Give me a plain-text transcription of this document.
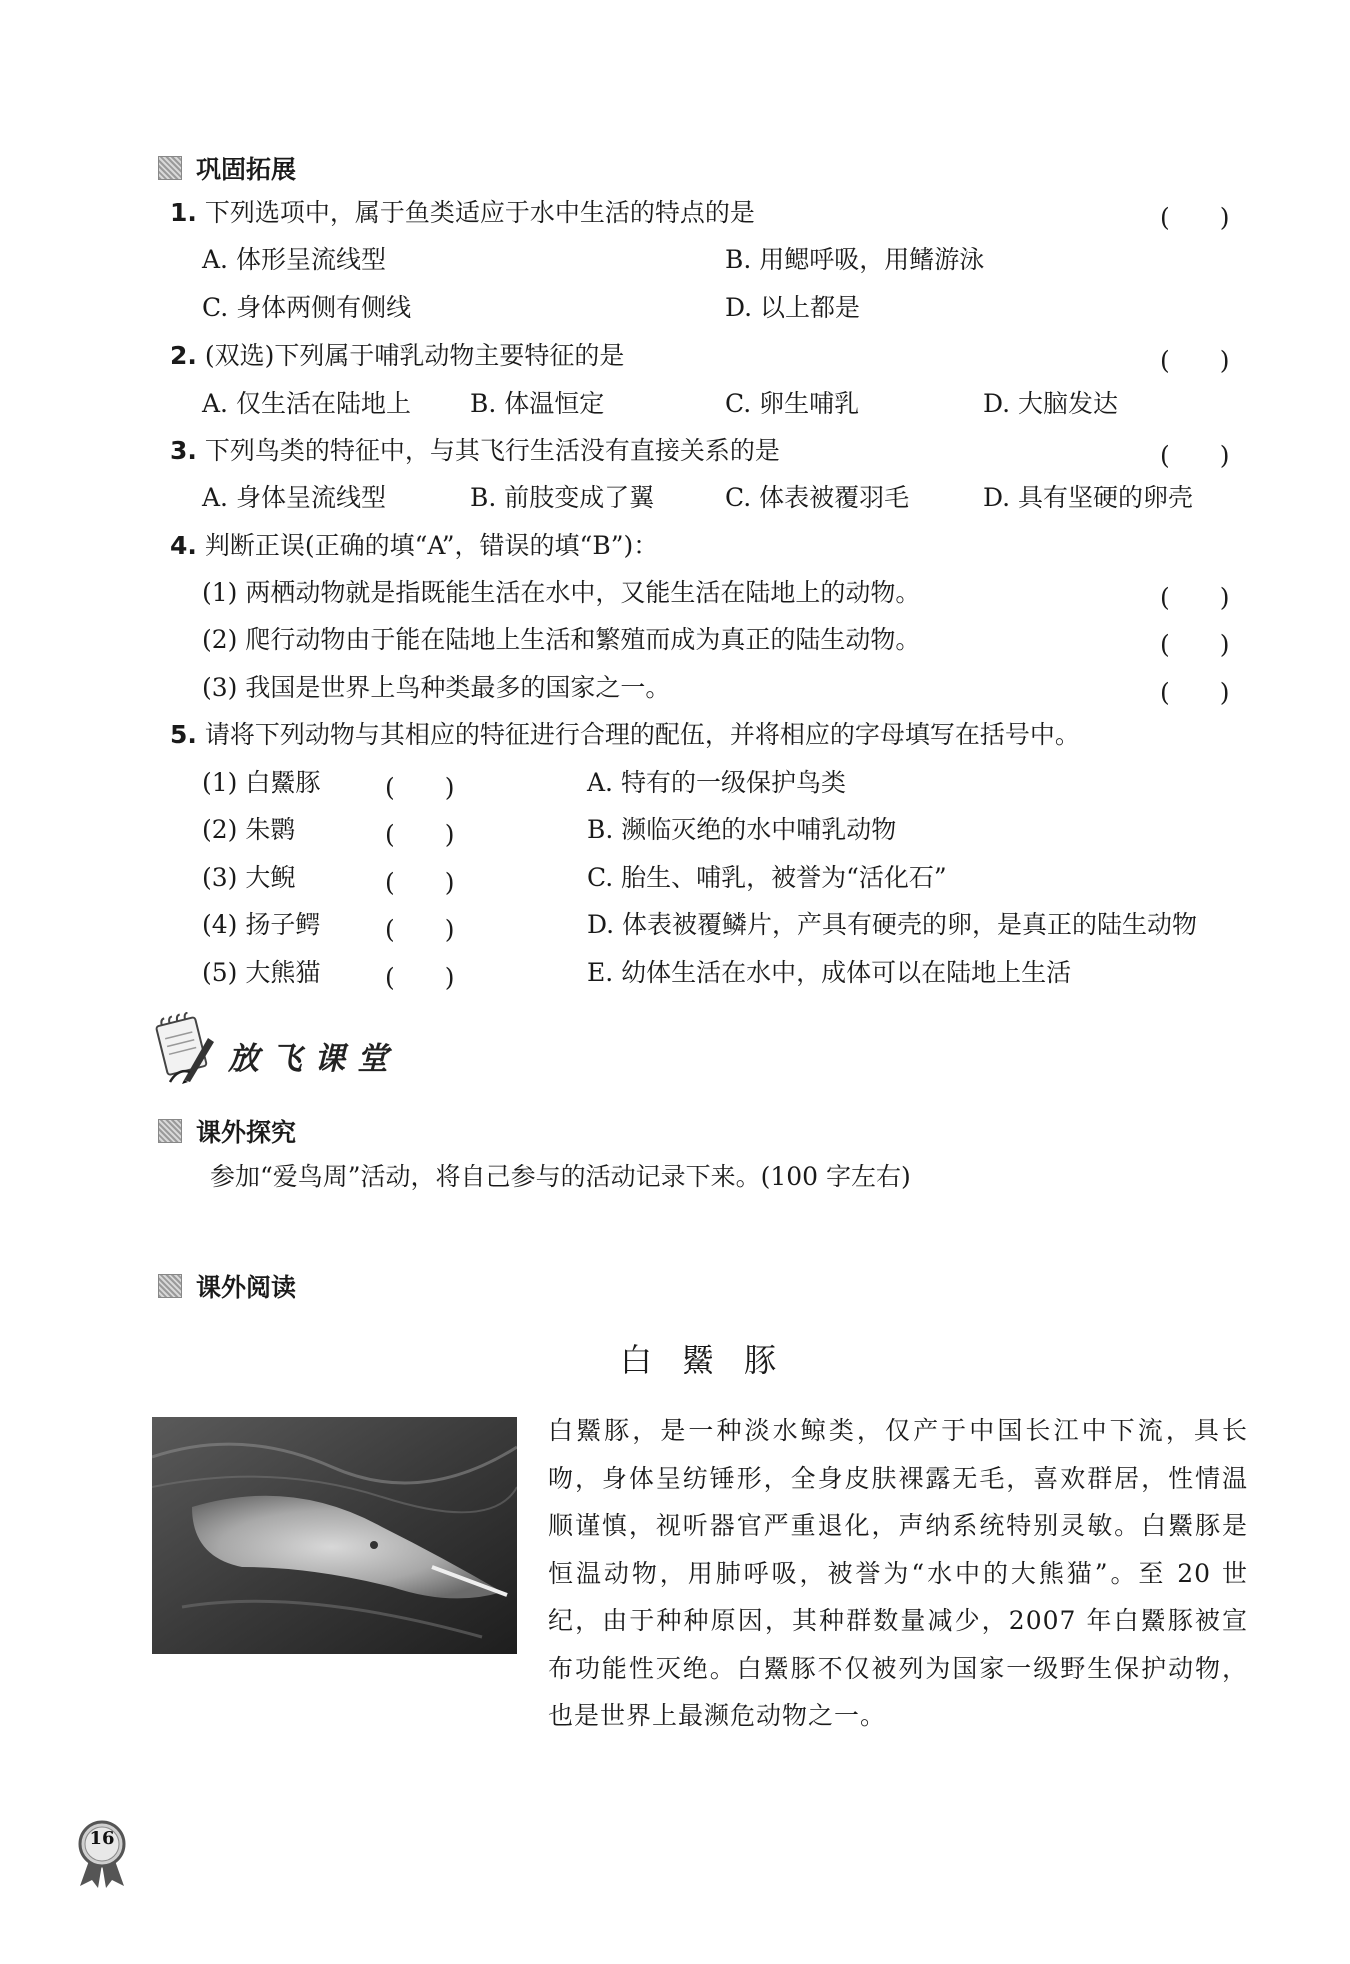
巩固拓展
1. 下列选项中，属于鱼类适应于水中生活的特点的是	(　　)
A. 体形呈流线型	B. 用鳃呼吸，用鳍游泳
C. 身体两侧有侧线	D. 以上都是
2. (双选)下列属于哺乳动物主要特征的是	(　　)
A. 仅生活在陆地上 B. 体温恒定	C. 卵生哺乳	D. 大脑发达
3. 下列鸟类的特征中，与其飞行生活没有直接关系的是	(　　)
A. 身体呈流线型	B. 前肢变成了翼	C. 体表被覆羽毛	D. 具有坚硬的卵壳
4. 判断正误(正确的填“A”，错误的填“B”)：
(1) 两栖动物就是指既能生活在水中，又能生活在陆地上的动物。	(　　)
(2) 爬行动物由于能在陆地上生活和繁殖而成为真正的陆生动物。	(　　)
(3) 我国是世界上鸟种类最多的国家之一。	(　　)
5. 请将下列动物与其相应的特征进行合理的配伍，并将相应的字母填写在括号中。
(1) 白鱀豚	(　　)	A. 特有的一级保护鸟类
(2) 朱鹮	(　　)	B. 濒临灭绝的水中哺乳动物
(3) 大鲵	(　　)	C. 胎生、哺乳，被誉为“活化石”
(4) 扬子鳄	(　　)	D. 体表被覆鳞片，产具有硬壳的卵，是真正的陆生动物
(5) 大熊猫	(　　)	E. 幼体生活在水中，成体可以在陆地上生活
放飞课堂
课外探究
参加“爱鸟周”活动，将自己参与的活动记录下来。(100 字左右)
课外阅读
白鱀豚
白鱀豚，是一种淡水鲸类，仅产于中国长江中下流，具长吻，身体呈纺锤形，全身皮肤裸露无毛，喜欢群居，性情温顺谨慎，视听器官严重退化，声纳系统特别灵敏。白鱀豚是恒温动物，用肺呼吸，被誉为“水中的大熊猫”。至 20 世纪，由于种种原因，其种群数量减少，2007 年白鱀豚被宣布功能性灭绝。白鱀豚不仅被列为国家一级野生保护动物，也是世界上最濒危动物之一。
16
